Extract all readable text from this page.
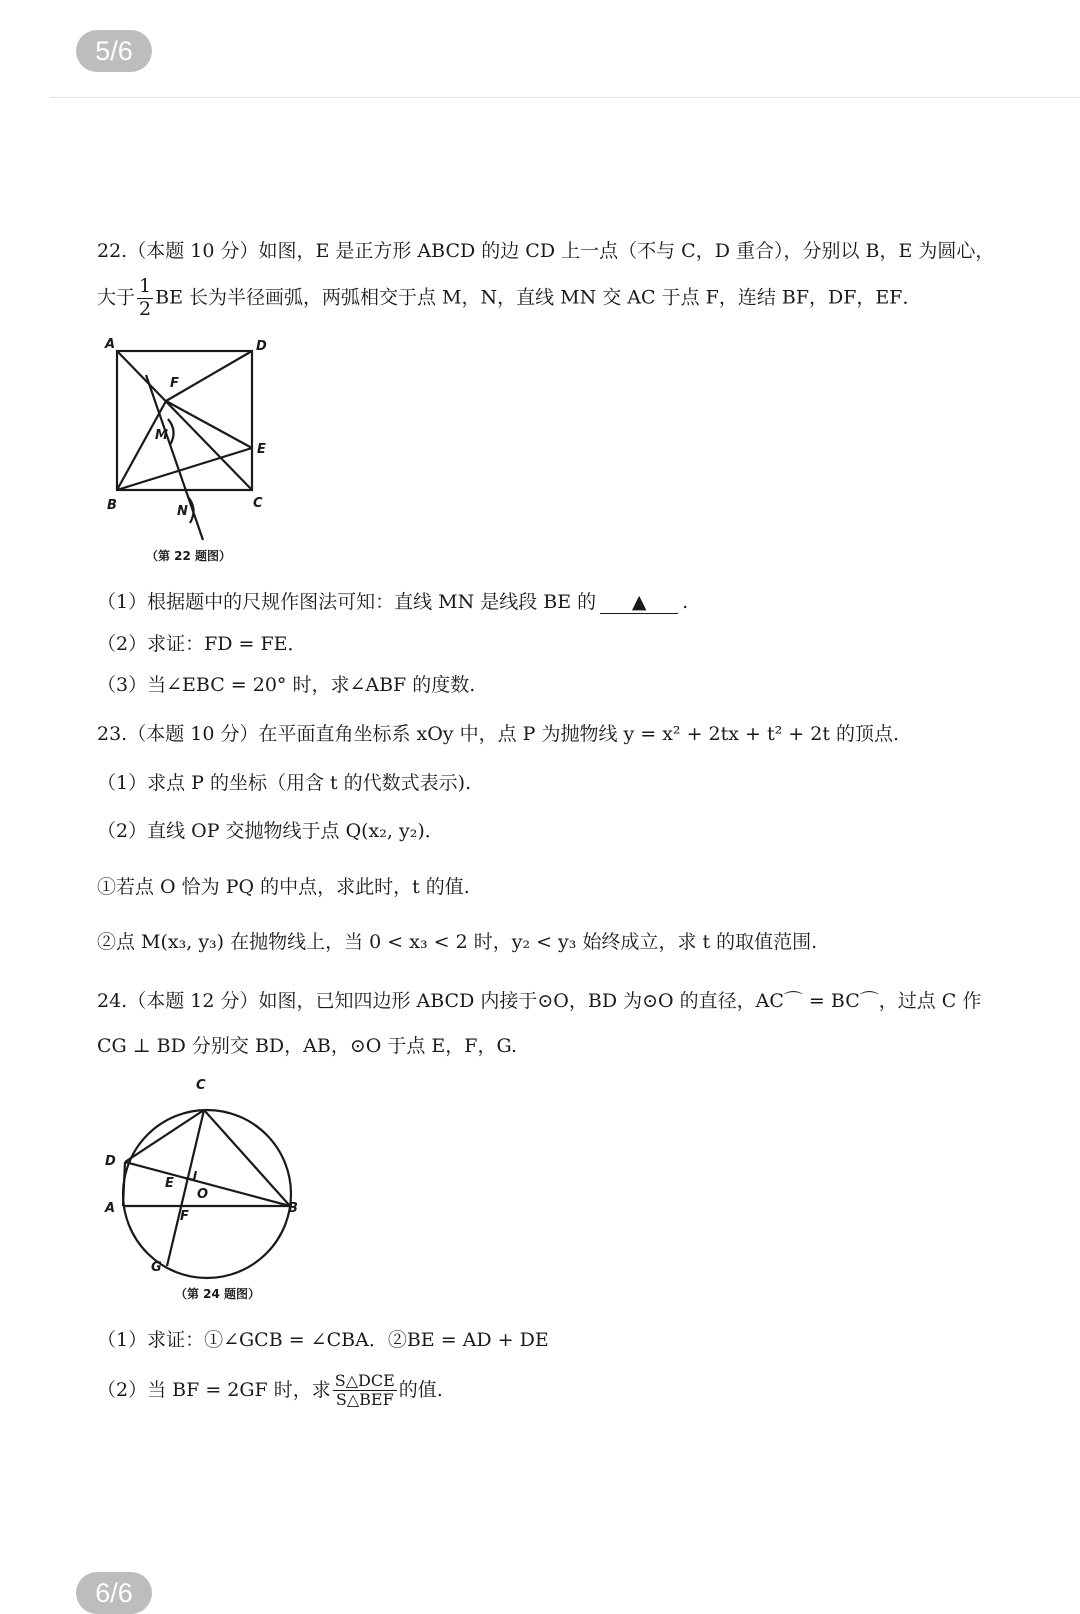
5/6
22.（本题 10 分）如图，E 是正方形 ABCD 的边 CD 上一点（不与 C，D 重合），分别以 B，E 为圆心，
大于 $\frac{1}{2}$ BE 长为半径画弧，两弧相交于点 M，N，直线 MN 交 AC 于点 F，连结 BF，DF，EF．
A	D
F
M
E
B	C
N
（第 22 题图）
（1）根据题中的尺规作图法可知：直线 MN 是线段 BE 的 ▲ .
（2）求证：FD = FE．
（3）当∠EBC = 20° 时，求∠ABF 的度数.
23.（本题 10 分）在平面直角坐标系 xOy 中，点 P 为抛物线 y = x² + 2tx + t² + 2t 的顶点.
（1）求点 P 的坐标（用含 t 的代数式表示).
（2）直线 OP 交抛物线于点 Q(x₂, y₂)．
①若点 O 恰为 PQ 的中点，求此时，t 的值.
②点 M(x₃, y₃) 在抛物线上，当 0 < x₃ < 2 时，y₂ < y₃ 始终成立，求 t 的取值范围.
24.（本题 12 分）如图，已知四边形 ABCD 内接于⊙O，BD 为⊙O 的直径，AC⌒ = BC⌒，过点 C 作
CG ⊥ BD 分别交 BD，AB，⊙O 于点 E，F，G.
C
D
E
O
A	B
F
G
（第 24 题图）
（1）求证：①∠GCB = ∠CBA．②BE = AD + DE
（2）当 BF = 2GF 时，求 $\frac{\text{S△DCE}}{\text{S△BEF}}$ 的值.
6/6
